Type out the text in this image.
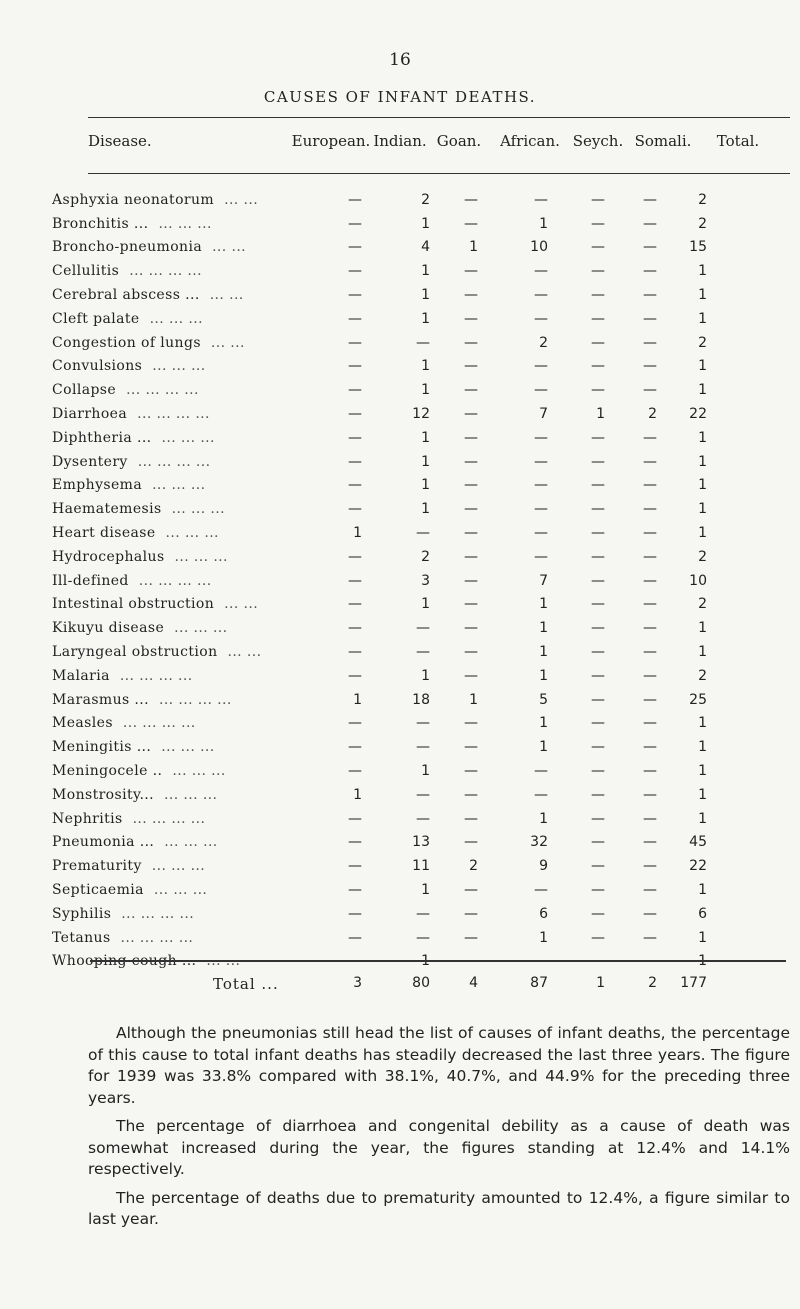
16
CAUSES OF INFANT DEATHS.
Disease.	European. Indian. Goan. African. Seych. Somali. Total.
Asphyxia neonatorum ... ...	—	2	—	—	—	—	2	
Bronchitis ... ... ... ...	—	1	—	1	—	—	2	
Broncho-pneumonia ... ...	—	4	1	10	—	—	15	
Cellulitis ... ... ... ...	—	1	—	—	—	—	1	
Cerebral abscess ... ... ...	—	1	—	—	—	—	1	
Cleft palate ... ... ...	—	1	—	—	—	—	1	
Congestion of lungs ... ...	—	—	—	2	—	—	2	
Convulsions ... ... ...	—	1	—	—	—	—	1	
Collapse ... ... ... ...	—	1	—	—	—	—	1	
Diarrhoea ... ... ... ...	—	12	—	7	1	2	22	
Diphtheria ... ... ... ...	—	1	—	—	—	—	1	
Dysentery ... ... ... ...	—	1	—	—	—	—	1	
Emphysema ... ... ...	—	1	—	—	—	—	1	
Haematemesis ... ... ...	—	1	—	—	—	—	1	
Heart disease ... ... ...	1	—	—	—	—	—	1	
Hydrocephalus ... ... ...	—	2	—	—	—	—	2	
Ill-defined ... ... ... ...	—	3	—	7	—	—	10	
Intestinal obstruction ... ...	—	1	—	1	—	—	2	
Kikuyu disease ... ... ...	—	—	—	1	—	—	1	
Laryngeal obstruction ... ...	—	—	—	1	—	—	1	
Malaria ... ... ... ...	—	1	—	1	—	—	2	
Marasmus ... ... ... ... ...	1	18	1	5	—	—	25	
Measles ... ... ... ...	—	—	—	1	—	—	1	
Meningitis ... ... ... ...	—	—	—	1	—	—	1	
Meningocele .. ... ... ...	—	1	—	—	—	—	1	
Monstrosity... ... ... ...	1	—	—	—	—	—	1	
Nephritis ... ... ... ...	—	—	—	1	—	—	1	
Pneumonia ... ... ... ...	—	13	—	32	—	—	45	
Prematurity ... ... ...	—	11	2	9	—	—	22	
Septicaemia ... ... ...	—	1	—	—	—	—	1	
Syphilis ... ... ... ...	—	—	—	6	—	—	6	
Tetanus ... ... ... ...	—	—	—	1	—	—	1	
Whooping cough ... ... ...	—	1	—	—	—	—	1	
Total ...	3	80	4	87	1	2 177

Although the pneumonias still head the list of causes of infant deaths, the percentage of this cause to total infant deaths has steadily decreased the last three years. The figure for 1939 was 33.8% compared with 38.1%, 40.7%, and 44.9% for the preceding three years.

The percentage of diarrhoea and congenital debility as a cause of death was somewhat increased during the year, the figures standing at 12.4% and 14.1% respectively.

The percentage of deaths due to prematurity amounted to 12.4%, a figure similar to last year.
